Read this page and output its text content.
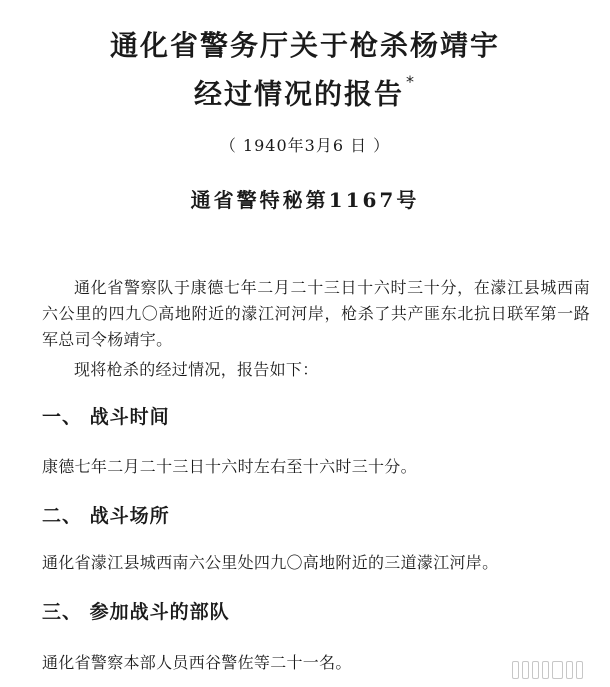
通化省警务厅关于枪杀杨靖宇
经过情况的报告 *
（ 1940年3月6 日 ）
通省警特秘第1167号
通化省警察队于康德七年二月二十三日十六时三十分，在濛江县城西南六公里的四九〇高地附近的濛江河河岸，枪杀了共产匪东北抗日联军第一路军总司令杨靖宇。
现将枪杀的经过情况，报告如下：
一、 战斗时间
康德七年二月二十三日十六时左右至十六时三十分。
二、 战斗场所
通化省濛江县城西南六公里处四九〇高地附近的三道濛江河岸。
三、 参加战斗的部队
通化省警察本部人员西谷警佐等二十一名。
